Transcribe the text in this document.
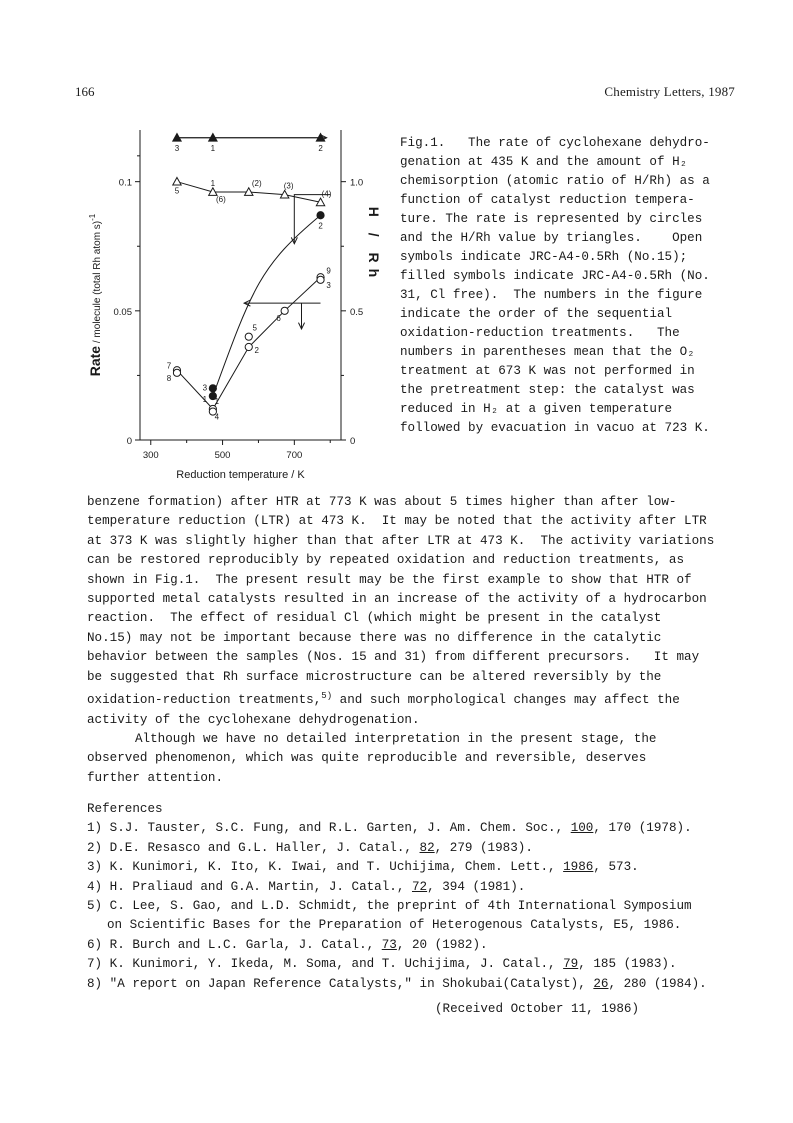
166	Chemistry Letters, 1987
0
0.05
0.1
0
0.5
1.0
300	500	700
Rate / molecule (total Rh atom s)$^{-1}$	H / Rh
Reduction temperature / K
7
8
1
4
2
5
6
9
3
3
1
2
5
1
(6)
(2)	(3)
(4)
3	1	2	Fig.1.   The rate of cyclohexane dehydro-

genation at 435 K and the amount of H₂

chemisorption (atomic ratio of H/Rh) as a

function of catalyst reduction tempera-

ture. The rate is represented by circles

and the H/Rh value by triangles.    Open

symbols indicate JRC-A4-0.5Rh (No.15);

filled symbols indicate JRC-A4-0.5Rh (No.

31, Cl free).  The numbers in the figure

indicate the order of the sequential

oxidation-reduction treatments.   The

numbers in parentheses mean that the O₂

treatment at 673 K was not performed in

the pretreatment step: the catalyst was

reduced in H₂ at a given temperature

followed by evacuation in vacuo at 723 K.

benzene formation) after HTR at 773 K was about 5 times higher than after low-

temperature reduction (LTR) at 473 K.  It may be noted that the activity after LTR

at 373 K was slightly higher than that after LTR at 473 K.  The activity variations

can be restored reproducibly by repeated oxidation and reduction treatments, as

shown in Fig.1.  The present result may be the first example to show that HTR of

supported metal catalysts resulted in an increase of the activity of a hydrocarbon

reaction.  The effect of residual Cl (which might be present in the catalyst

No.15) may not be important because there was no difference in the catalytic

behavior between the samples (Nos. 15 and 31) from different precursors.   It may

be suggested that Rh surface microstructure can be altered reversibly by the

oxidation-reduction treatments,$^{5)}$ and such morphological changes may affect the

activity of the cyclohexane dehydrogenation.

Although we have no detailed interpretation in the present stage, the

observed phenomenon, which was quite reproducible and reversible, deserves

further attention.

References

1) S.J. Tauster, S.C. Fung, and R.L. Garten, J. Am. Chem. Soc., 100, 170 (1978).
2) D.E. Resasco and G.L. Haller, J. Catal., 82, 279 (1983).
3) K. Kunimori, K. Ito, K. Iwai, and T. Uchijima, Chem. Lett., 1986, 573.
4) H. Praliaud and G.A. Martin, J. Catal., 72, 394 (1981).
5) C. Lee, S. Gao, and L.D. Schmidt, the preprint of 4th International Symposium
on Scientific Bases for the Preparation of Heterogenous Catalysts, E5, 1986.
6) R. Burch and L.C. Garla, J. Catal., 73, 20 (1982).
7) K. Kunimori, Y. Ikeda, M. Soma, and T. Uchijima, J. Catal., 79, 185 (1983).
8) "A report on Japan Reference Catalysts," in Shokubai(Catalyst), 26, 280 (1984).
(Received October 11, 1986)
